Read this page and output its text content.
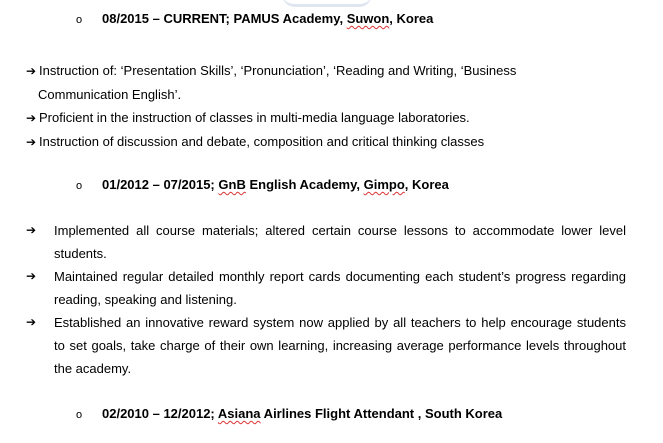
o 08/2015 – CURRENT; PAMUS Academy, Suwon, Korea
➔ Instruction of: ‘Presentation Skills’, ‘Pronunciation’, ‘Reading and Writing, ‘Business
Communication English’.
➔ Proficient in the instruction of classes in multi-media language laboratories.
➔ Instruction of discussion and debate, composition and critical thinking classes
o 01/2012 – 07/2015; GnB English Academy, Gimpo, Korea
➔ Implemented all course materials; altered certain course lessons to accommodate lower level
students.
➔ Maintained regular detailed monthly report cards documenting each student’s progress regarding
reading, speaking and listening.
➔ Established an innovative reward system now applied by all teachers to help encourage students
to set goals, take charge of their own learning, increasing average performance levels throughout
the academy.
o 02/2010 – 12/2012; Asiana Airlines Flight Attendant , South Korea
